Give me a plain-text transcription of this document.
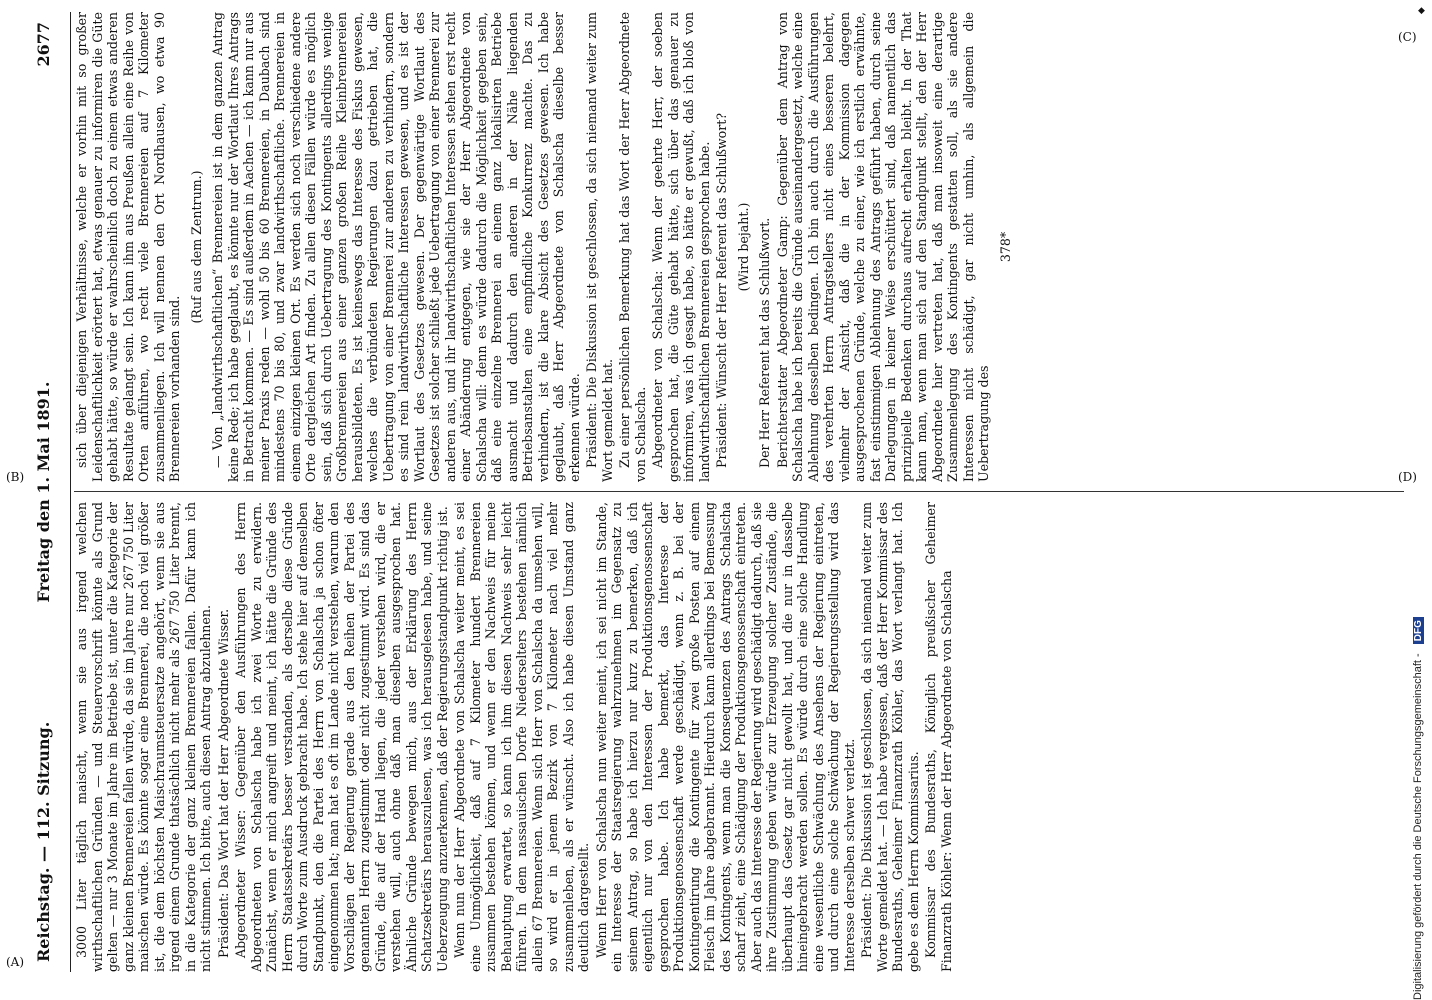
Reichstag. — 112. Sitzung.
Freitag den 1. Mai 1891.
2677

3000 Liter täglich maischt, wenn sie aus irgend welchen wirthschaftlichen Gründen — und Steuervorschrift könnte als Grund gelten — nur 3 Monate im Jahre im Betriebe ist, unter die Kategorie der ganz kleinen Brennereien fallen würde, da sie im Jahre nur 267 750 Liter maischen würde. Es könnte sogar eine Brennerei, die noch viel größer ist, die dem höchsten Maischraumsteuersatze angehört, wenn sie aus irgend einem Grunde thatsächlich nicht mehr als 267 750 Liter brennt, in die Kategorie der ganz kleinen Brennereien fallen. Dafür kann ich nicht stimmen. Ich bitte, auch diesen Antrag abzulehnen. Präsident: Das Wort hat der Herr Abgeordnete Wisser. Abgeordneter Wisser: Gegenüber den Ausführungen des Herrn Abgeordneten von Schalscha habe ich zwei Worte zu erwidern. Zunächst, wenn er mich angreift und meint, ich hätte die Gründe des Herrn Staatssekretärs besser verstanden, als derselbe diese Gründe durch Worte zum Ausdruck gebracht habe. Ich stehe hier auf demselben Standpunkt, den die Partei des Herrn von Schalscha ja schon öfter eingenommen hat; man hat es oft im Lande nicht verstehen, warum den Vorschlägen der Regierung gerade aus den Reihen der Partei des genannten Herrn zugestimmt oder nicht zugestimmt wird. Es sind das Gründe, die auf der Hand liegen, die jeder verstehen wird, die er verstehen will, auch ohne daß man dieselben ausgesprochen hat. Ähnliche Gründe bewegen mich, aus der Erklärung des Herrn Schatzsekretärs herauszulesen, was ich herausgelesen habe, und seine Ueberzeugung anzuerkennen, daß der Regierungsstandpunkt richtig ist. Wenn nun der Herr Abgeordnete von Schalscha weiter meint, es sei eine Unmöglichkeit, daß auf 7 Kilometer hundert Brennereien zusammen bestehen können, und wenn er den Nachweis für meine Behauptung erwartet, so kann ich ihm diesen Nachweis sehr leicht führen. In dem nassauischen Dorfe Niederselters bestehen nämlich allein 67 Brennereien. Wenn sich Herr von Schalscha da umsehen will, so wird er in jenem Bezirk von 7 Kilometer nach viel mehr zusammenleben, als er wünscht. Also ich habe diesen Umstand ganz deutlich dargestellt. Wenn Herr von Schalscha nun weiter meint, ich sei nicht im Stande, ein Interesse der Staatsregierung wahrzunehmen im Gegensatz zu seinem Antrag, so habe ich hierzu nur kurz zu bemerken, daß ich eigentlich nur von den Interessen der Produktionsgenossenschaft gesprochen habe. Ich habe bemerkt, das Interesse der Produktionsgenossenschaft werde geschädigt, wenn z. B. bei der Kontingentirung die Kontingente für zwei große Posten auf einem Fleisch im Jahre abgebrannt. Hierdurch kann allerdings bei Bemessung des Kontingents, wenn man die Konsequenzen des Antrags Schalscha scharf zieht, eine Schädigung der Produktionsgenossenschaft eintreten. Aber auch das Interesse der Regierung wird geschädigt dadurch, daß sie ihre Zustimmung geben würde zur Erzeugung solcher Zustände, die überhaupt das Gesetz gar nicht gewollt hat, und die nur in dasselbe hineingebracht werden sollen. Es würde durch eine solche Handlung eine wesentliche Schwächung des Ansehens der Regierung eintreten, und durch eine solche Schwächung der Regierungsstellung wird das Interesse derselben schwer verletzt. Präsident: Die Diskussion ist geschlossen, da sich niemand weiter zum Worte gemeldet hat. — Ich habe vergessen, daß der Herr Kommissar des Bundesraths, Geheimer Finanzrath Köhler, das Wort verlangt hat. Ich gebe es dem Herrn Kommissarius. Kommissar des Bundesraths, Königlich preußischer Geheimer Finanzrath Köhler: Wenn der Herr Abgeordnete von Schalscha

sich über diejenigen Verhältnisse, welche er vorhin mit so großer Leidenschaftlichkeit erörtert hat, etwas genauer zu informiren die Güte gehabt hätte, so würde er wahrscheinlich doch zu einem etwas anderen Resultate gelangt sein. Ich kann ihm aus Preußen allein eine Reihe von Orten anführen, wo recht viele Brennereien auf 7 Kilometer zusammenliegen. Ich will nennen den Ort Nordhausen, wo etwa 90 Brennereien vorhanden sind.

(Ruf aus dem Zentrum.) — Von „landwirthschaftlichen“ Brennereien ist in dem ganzen Antrag keine Rede; ich habe geglaubt, es könnte nur der Wortlaut Ihres Antrags in Betracht kommen. — Es sind außerdem in Aachen — ich kann nur aus meiner Praxis reden — wohl 50 bis 60 Brennereien, in Daubach sind mindestens 70 bis 80, und zwar landwirthschaftliche. Brennereien in einem einzigen kleinen Ort. Es werden sich noch verschiedene andere Orte dergleichen Art finden. Zu allen diesen Fällen würde es möglich sein, daß sich durch Uebertragung des Kontingents allerdings wenige Großbrennereien aus einer ganzen großen Reihe Kleinbrennereien herausbildeten. Es ist keineswegs das Interesse des Fiskus gewesen, welches die verbündeten Regierungen dazu getrieben hat, die Uebertragung von einer Brennerei zur anderen zu verhindern, sondern es sind rein landwirthschaftliche Interessen gewesen, und es ist der Wortlaut des Gesetzes gewesen. Der gegenwärtige Wortlaut des Gesetzes ist solcher schließt jede Uebertragung von einer Brennerei zur anderen aus, und ihr landwirthschaftlichen Interessen stehen erst recht einer Abänderung entgegen, wie sie der Herr Abgeordnete von Schalscha will: denn es würde dadurch die Möglichkeit gegeben sein, daß eine einzelne Brennerei an einem ganz lokalisirten Betriebe ausmacht und dadurch den anderen in der Nähe liegenden Betriebsanstalten eine empfindliche Konkurrenz machte. Das zu verhindern, ist die klare Absicht des Gesetzes gewesen. Ich habe geglaubt, daß Herr Abgeordnete von Schalscha dieselbe besser erkennen würde. Präsident: Die Diskussion ist geschlossen, da sich niemand weiter zum Wort gemeldet hat. Zu einer persönlichen Bemerkung hat das Wort der Herr Abgeordnete von Schalscha. Abgeordneter von Schalscha: Wenn der geehrte Herr, der soeben gesprochen hat, die Güte gehabt hätte, sich über das genauer zu informiren, was ich gesagt habe, so hätte er gewußt, daß ich bloß von landwirthschaftlichen Brennereien gesprochen habe. Präsident: Wünscht der Herr Referent das Schlußwort? (Wird bejaht.) Der Herr Referent hat das Schlußwort. Berichterstatter Abgeordneter Gamp: Gegenüber dem Antrag von Schalscha habe ich bereits die Gründe auseinandergesetzt, welche eine Ablehnung desselben bedingen. Ich bin auch durch die Ausführungen des verehrten Herrn Antragstellers nicht eines besseren belehrt, vielmehr der Ansicht, daß die in der Kommission dagegen ausgesprochenen Gründe, welche zu einer, wie ich erstlich erwähnte, fast einstimmigen Ablehnung des Antrags geführt haben, durch seine Darlegungen in keiner Weise erschüttert sind, daß namentlich das prinzipielle Bedenken durchaus aufrecht erhalten bleibt. In der That kann man, wenn man sich auf den Standpunkt stellt, den der Herr Abgeordnete hier vertreten hat, daß man insoweit eine derartige Zusammenlegung des Kontingents gestatten soll, als sie andere Interessen nicht schädigt, gar nicht umhin, als allgemein die Uebertragung des

378*

(A)
(B)
(C)
(D)
◆
Digitalisierung gefördert durch die Deutsche Forschungsgemeinschaft - DFG
